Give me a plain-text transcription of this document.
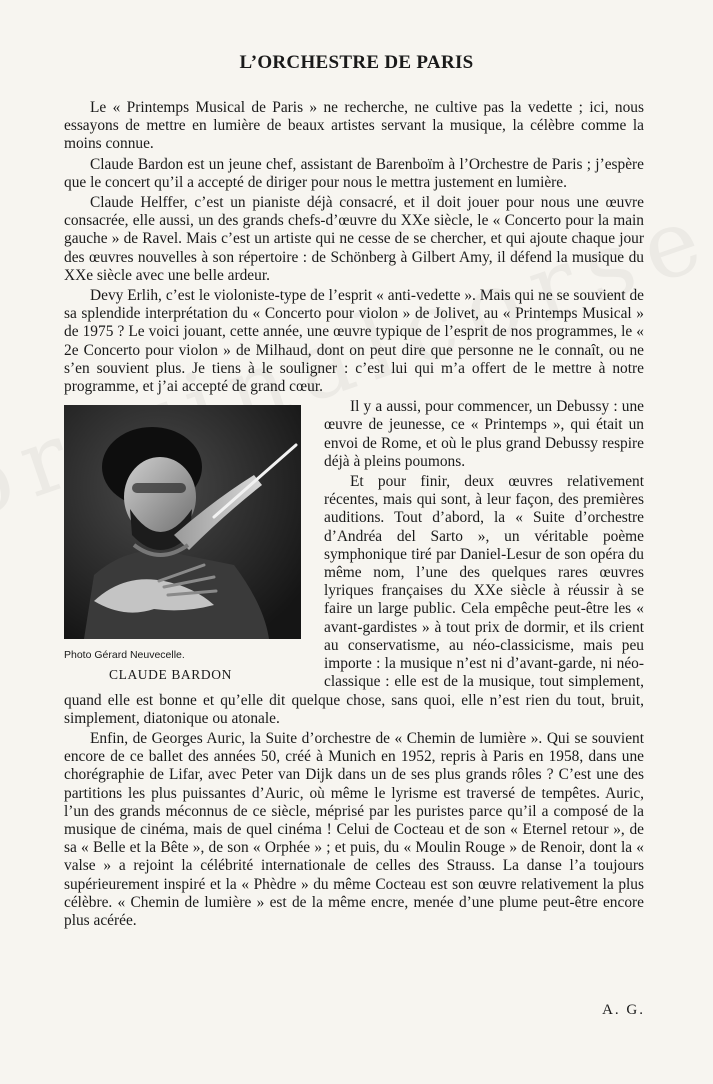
L’ORCHESTRE DE PARIS

Le « Printemps Musical de Paris » ne recherche, ne cultive pas la vedette ; ici, nous essayons de mettre en lumière de beaux artistes servant la musique, la célèbre comme la moins connue.

Claude Bardon est un jeune chef, assistant de Barenboïm à l’Orchestre de Paris ; j’espère que le concert qu’il a accepté de diriger pour nous le mettra justement en lumière.

Claude Helffer, c’est un pianiste déjà consacré, et il doit jouer pour nous une œuvre consacrée, elle aussi, un des grands chefs-d’œuvre du XXe siècle, le « Concerto pour la main gauche » de Ravel. Mais c’est un artiste qui ne cesse de se chercher, et qui ajoute chaque jour des œuvres nouvelles à son répertoire : de Schönberg à Gilbert Amy, il défend la musique du XXe siècle avec une belle ardeur.

Devy Erlih, c’est le violoniste-type de l’esprit « anti-vedette ». Mais qui ne se souvient de sa splendide interprétation du « Concerto pour violon » de Jolivet, au « Printemps Musical » de 1975 ? Le voici jouant, cette année, une œuvre typique de l’esprit de nos programmes, le « 2e Concerto pour violon » de Milhaud, dont on peut dire que personne ne le connaît, ou ne s’en souvient plus. Je tiens à le souligner : c’est lui qui m’a offert de le mettre à notre programme, et j’ai accepté de grand cœur.

Photo Gérard Neuvecelle.
CLAUDE BARDON

Il y a aussi, pour commencer, un Debussy : une œuvre de jeunesse, ce « Printemps », qui était un envoi de Rome, et où le plus grand Debussy respire déjà à pleins poumons.

Et pour finir, deux œuvres relativement récentes, mais qui sont, à leur façon, des premières auditions. Tout d’abord, la « Suite d’orchestre d’Andréa del Sarto », un véritable poème symphonique tiré par Daniel-Lesur de son opéra du même nom, l’une des quelques rares œuvres lyriques françaises du XXe siècle à réussir à se faire un large public. Cela empêche peut-être les « avant-gardistes » à tout prix de dormir, et ils crient au conservatisme, au néo-classicisme, mais peu importe : la musique n’est ni d’avant-garde, ni néo-classique : elle est de la musique, tout simplement, quand elle est bonne et qu’elle dit quelque chose, sans quoi, elle n’est rien du tout, bruit, simplement, diatonique ou atonale.

Enfin, de Georges Auric, la Suite d’orchestre de « Chemin de lumière ». Qui se souvient encore de ce ballet des années 50, créé à Munich en 1952, repris à Paris en 1958, dans une chorégraphie de Lifar, avec Peter van Dijk dans un de ses plus grands rôles ? C’est une des partitions les plus puissantes d’Auric, où même le lyrisme est traversé de tempêtes. Auric, l’un des grands méconnus de ce siècle, méprisé par les puristes parce qu’il a composé de la musique de cinéma, mais de quel cinéma ! Celui de Cocteau et de son « Eternel retour », de sa « Belle et la Bête », de son « Orphée » ; et puis, du « Moulin Rouge » de Renoir, dont la « valse » a rejoint la célébrité internationale de celles des Strauss. La danse l’a toujours supérieurement inspiré et la « Phèdre » du même Cocteau est son œuvre relativement la plus célèbre. « Chemin de lumière » est de la même encre, menée d’une plume peut-être encore plus acérée.

A. G.
